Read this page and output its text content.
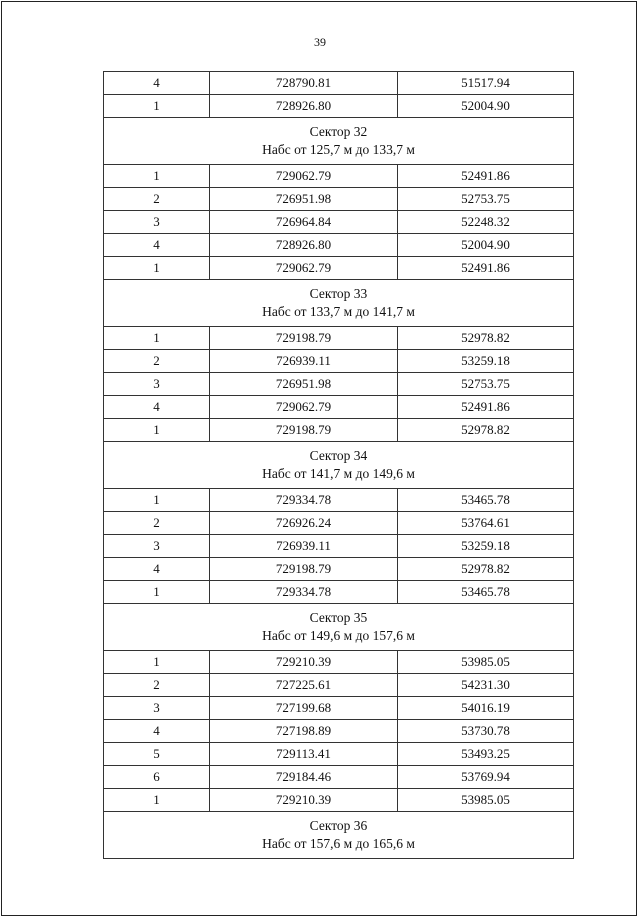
39
4	728790.81	51517.94
1	728926.80	52004.90

Сектор 32
Набс от 125,7 м до 133,7 м		

1	729062.79	52491.86
2	726951.98	52753.75
3	726964.84	52248.32
4	728926.80	52004.90
1	729062.79	52491.86

Сектор 33
Набс от 133,7 м до 141,7 м		

1	729198.79	52978.82
2	726939.11	53259.18
3	726951.98	52753.75
4	729062.79	52491.86
1	729198.79	52978.82

Сектор 34
Набс от 141,7 м до 149,6 м		

1	729334.78	53465.78
2	726926.24	53764.61
3	726939.11	53259.18
4	729198.79	52978.82
1	729334.78	53465.78

Сектор 35
Набс от 149,6 м до 157,6 м		

1	729210.39	53985.05
2	727225.61	54231.30
3	727199.68	54016.19
4	727198.89	53730.78
5	729113.41	53493.25
6	729184.46	53769.94
1	729210.39	53985.05

Сектор 36
Набс от 157,6 м до 165,6 м		
